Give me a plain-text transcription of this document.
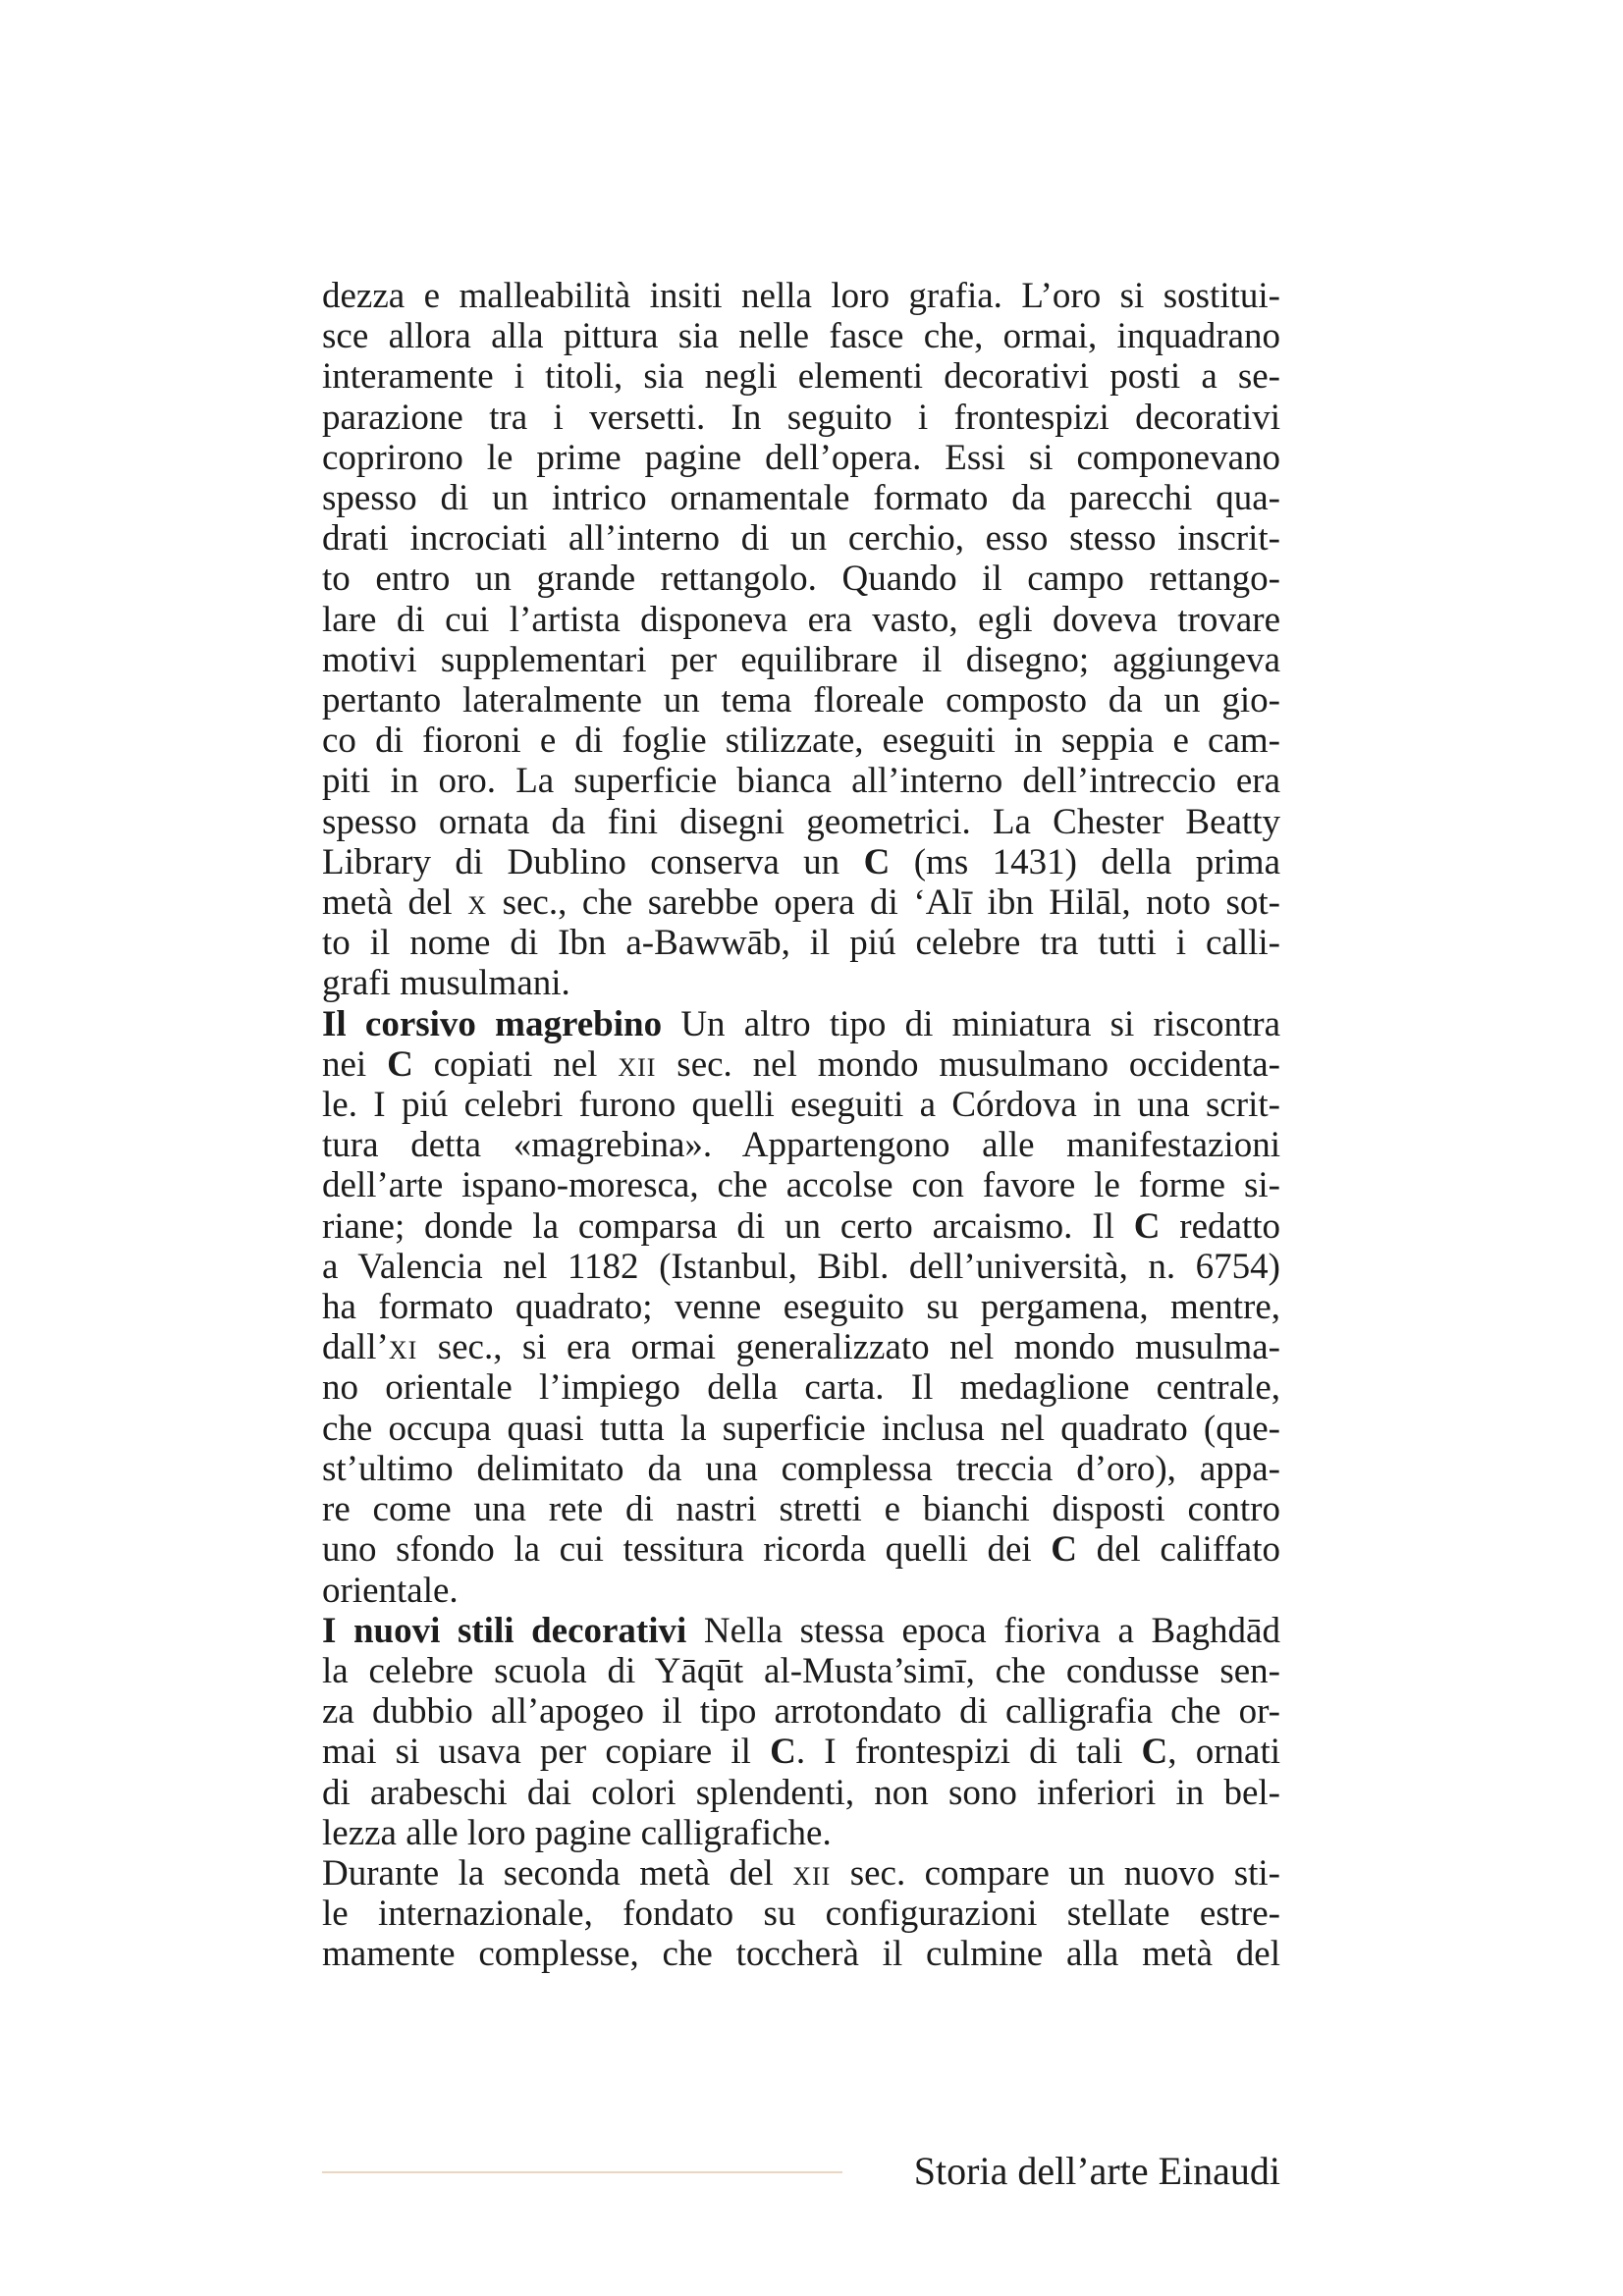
dezza e malleabilità insiti nella loro grafia. L’oro si sostitui-
sce allora alla pittura sia nelle fasce che, ormai, inquadrano
interamente i titoli, sia negli elementi decorativi posti a se-
parazione tra i versetti. In seguito i frontespizi decorativi
coprirono le prime pagine dell’opera. Essi si componevano
spesso di un intrico ornamentale formato da parecchi qua-
drati incrociati all’interno di un cerchio, esso stesso inscrit-
to entro un grande rettangolo. Quando il campo rettango-
lare di cui l’artista disponeva era vasto, egli doveva trovare
motivi supplementari per equilibrare il disegno; aggiungeva
pertanto lateralmente un tema floreale composto da un gio-
co di fioroni e di foglie stilizzate, eseguiti in seppia e cam-
piti in oro. La superficie bianca all’interno dell’intreccio era
spesso ornata da fini disegni geometrici. La Chester Beatty
Library di Dublino conserva un C (ms 1431) della prima
metà del x sec., che sarebbe opera di ‘Alī ibn Hilāl, noto sot-
to il nome di Ibn a-Bawwāb, il piú celebre tra tutti i calli-
grafi musulmani.
Il corsivo magrebino Un altro tipo di miniatura si riscontra
nei C copiati nel xii sec. nel mondo musulmano occidenta-
le. I piú celebri furono quelli eseguiti a Córdova in una scrit-
tura detta «magrebina». Appartengono alle manifestazioni
dell’arte ispano-moresca, che accolse con favore le forme si-
riane; donde la comparsa di un certo arcaismo. Il C redatto
a Valencia nel 1182 (Istanbul, Bibl. dell’università, n. 6754)
ha formato quadrato; venne eseguito su pergamena, mentre,
dall’xi sec., si era ormai generalizzato nel mondo musulma-
no orientale l’impiego della carta. Il medaglione centrale,
che occupa quasi tutta la superficie inclusa nel quadrato (que-
st’ultimo delimitato da una complessa treccia d’oro), appa-
re come una rete di nastri stretti e bianchi disposti contro
uno sfondo la cui tessitura ricorda quelli dei C del califfato
orientale.
I nuovi stili decorativi Nella stessa epoca fioriva a Baghdād
la celebre scuola di Yāqūt al-Musta’simī, che condusse sen-
za dubbio all’apogeo il tipo arrotondato di calligrafia che or-
mai si usava per copiare il C. I frontespizi di tali C, ornati
di arabeschi dai colori splendenti, non sono inferiori in bel-
lezza alle loro pagine calligrafiche.
Durante la seconda metà del xii sec. compare un nuovo sti-
le internazionale, fondato su configurazioni stellate estre-
mamente complesse, che toccherà il culmine alla metà del
Storia dell’arte Einaudi
